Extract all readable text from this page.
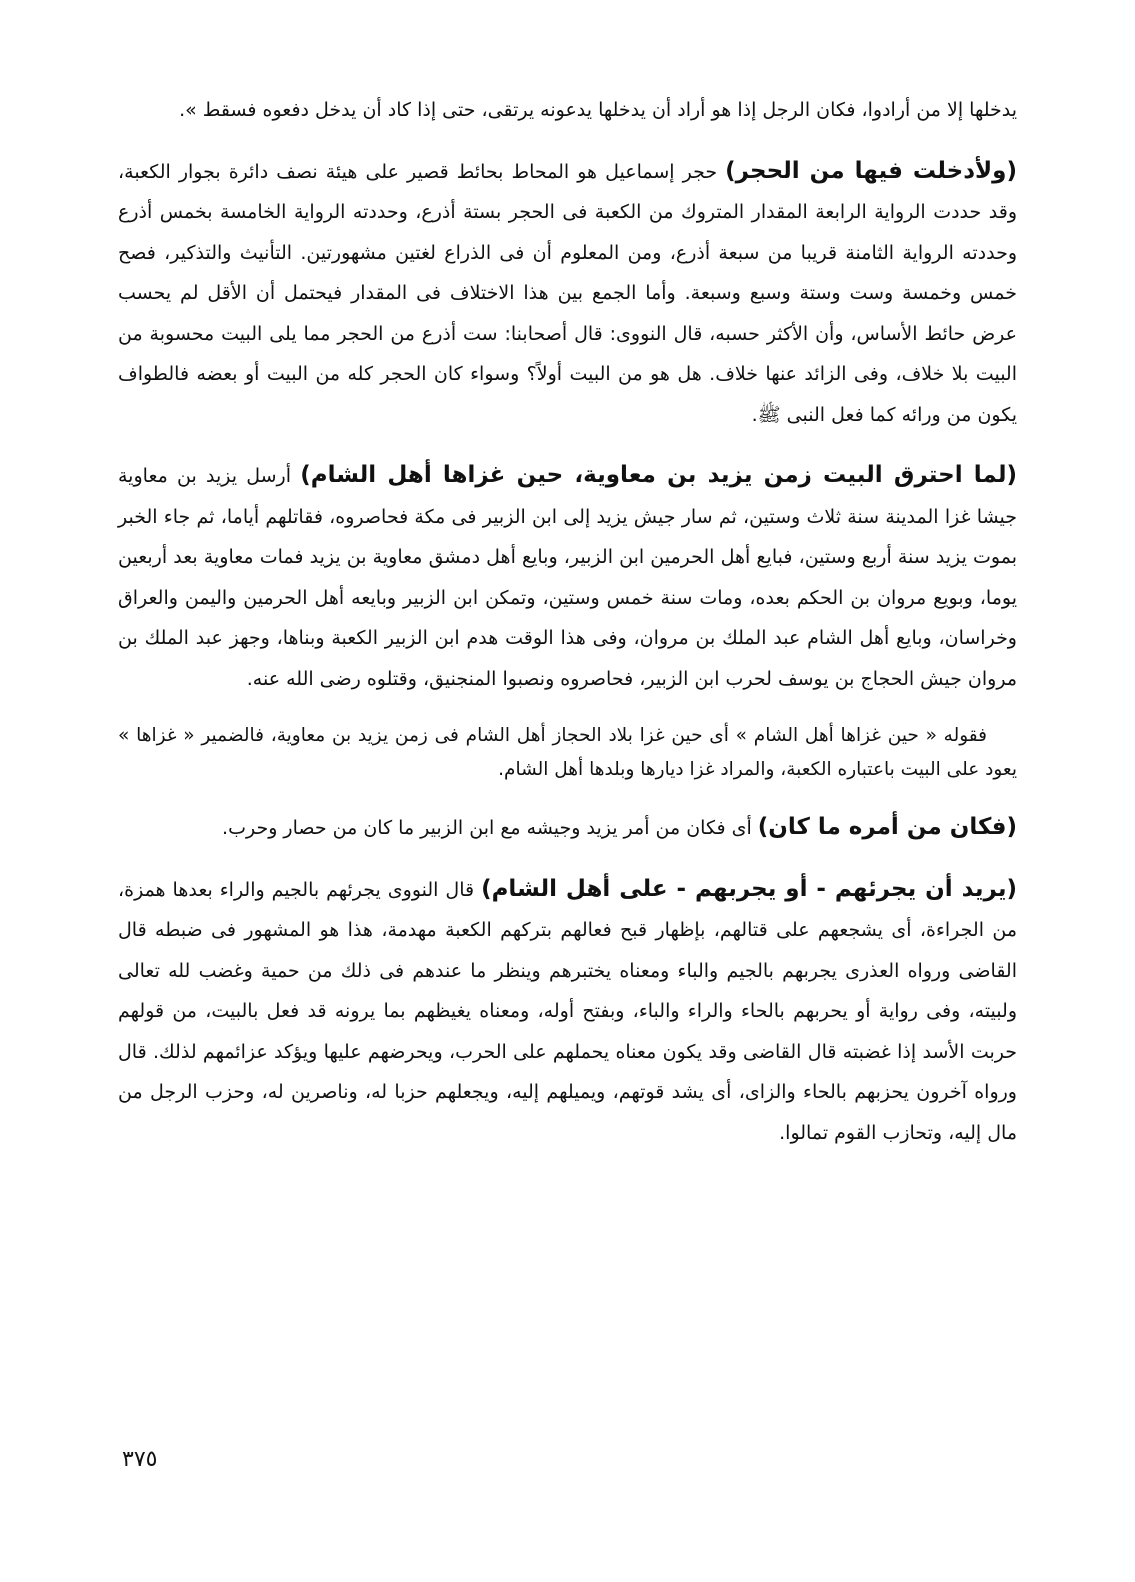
يدخلها إلا من أرادوا، فكان الرجل إذا هو أراد أن يدخلها يدعونه يرتقى، حتى إذا كاد أن يدخل دفعوه فسقط ».

(ولأدخلت فيها من الحجر) حجر إسماعيل هو المحاط بحائط قصير على هيئة نصف دائرة بجوار الكعبة، وقد حددت الرواية الرابعة المقدار المتروك من الكعبة فى الحجر بستة أذرع، وحددته الرواية الخامسة بخمس أذرع وحددته الرواية الثامنة قريبا من سبعة أذرع، ومن المعلوم أن فى الذراع لغتين مشهورتين. التأنيث والتذكير، فصح خمس وخمسة وست وستة وسبع وسبعة. وأما الجمع بين هذا الاختلاف فى المقدار فيحتمل أن الأقل لم يحسب عرض حائط الأساس، وأن الأكثر حسبه، قال النووى: قال أصحابنا: ست أذرع من الحجر مما يلى البيت محسوبة من البيت بلا خلاف، وفى الزائد عنها خلاف. هل هو من البيت أولاً؟ وسواء كان الحجر كله من البيت أو بعضه فالطواف يكون من ورائه كما فعل النبى ﷺ.

(لما احترق البيت زمن يزيد بن معاوية، حين غزاها أهل الشام) أرسل يزيد بن معاوية جيشا غزا المدينة سنة ثلاث وستين، ثم سار جيش يزيد إلى ابن الزبير فى مكة فحاصروه، فقاتلهم أياما، ثم جاء الخبر بموت يزيد سنة أربع وستين، فبايع أهل الحرمين ابن الزبير، وبايع أهل دمشق معاوية بن يزيد فمات معاوية بعد أربعين يوما، وبويع مروان بن الحكم بعده، ومات سنة خمس وستين، وتمكن ابن الزبير وبايعه أهل الحرمين واليمن والعراق وخراسان، وبايع أهل الشام عبد الملك بن مروان، وفى هذا الوقت هدم ابن الزبير الكعبة وبناها، وجهز عبد الملك بن مروان جيش الحجاج بن يوسف لحرب ابن الزبير، فحاصروه ونصبوا المنجنيق، وقتلوه رضى الله عنه.

فقوله « حين غزاها أهل الشام » أى حين غزا بلاد الحجاز أهل الشام فى زمن يزيد بن معاوية، فالضمير « غزاها » يعود على البيت باعتباره الكعبة، والمراد غزا ديارها وبلدها أهل الشام.

(فكان من أمره ما كان) أى فكان من أمر يزيد وجيشه مع ابن الزبير ما كان من حصار وحرب.

(يريد أن يجرئهم - أو يجربهم - على أهل الشام) قال النووى يجرئهم بالجيم والراء بعدها همزة، من الجراءة، أى يشجعهم على قتالهم، بإظهار قبح فعالهم بتركهم الكعبة مهدمة، هذا هو المشهور فى ضبطه قال القاضى ورواه العذرى يجربهم بالجيم والباء ومعناه يختبرهم وينظر ما عندهم فى ذلك من حمية وغضب لله تعالى ولبيته، وفى رواية أو يحربهم بالحاء والراء والباء، وبفتح أوله، ومعناه يغيظهم بما يرونه قد فعل بالبيت، من قولهم حربت الأسد إذا غضبته قال القاضى وقد يكون معناه يحملهم على الحرب، ويحرضهم عليها ويؤكد عزائمهم لذلك. قال ورواه آخرون يحزبهم بالحاء والزاى، أى يشد قوتهم، ويميلهم إليه، ويجعلهم حزبا له، وناصرين له، وحزب الرجل من مال إليه، وتحازب القوم تمالوا.

٣٧٥
